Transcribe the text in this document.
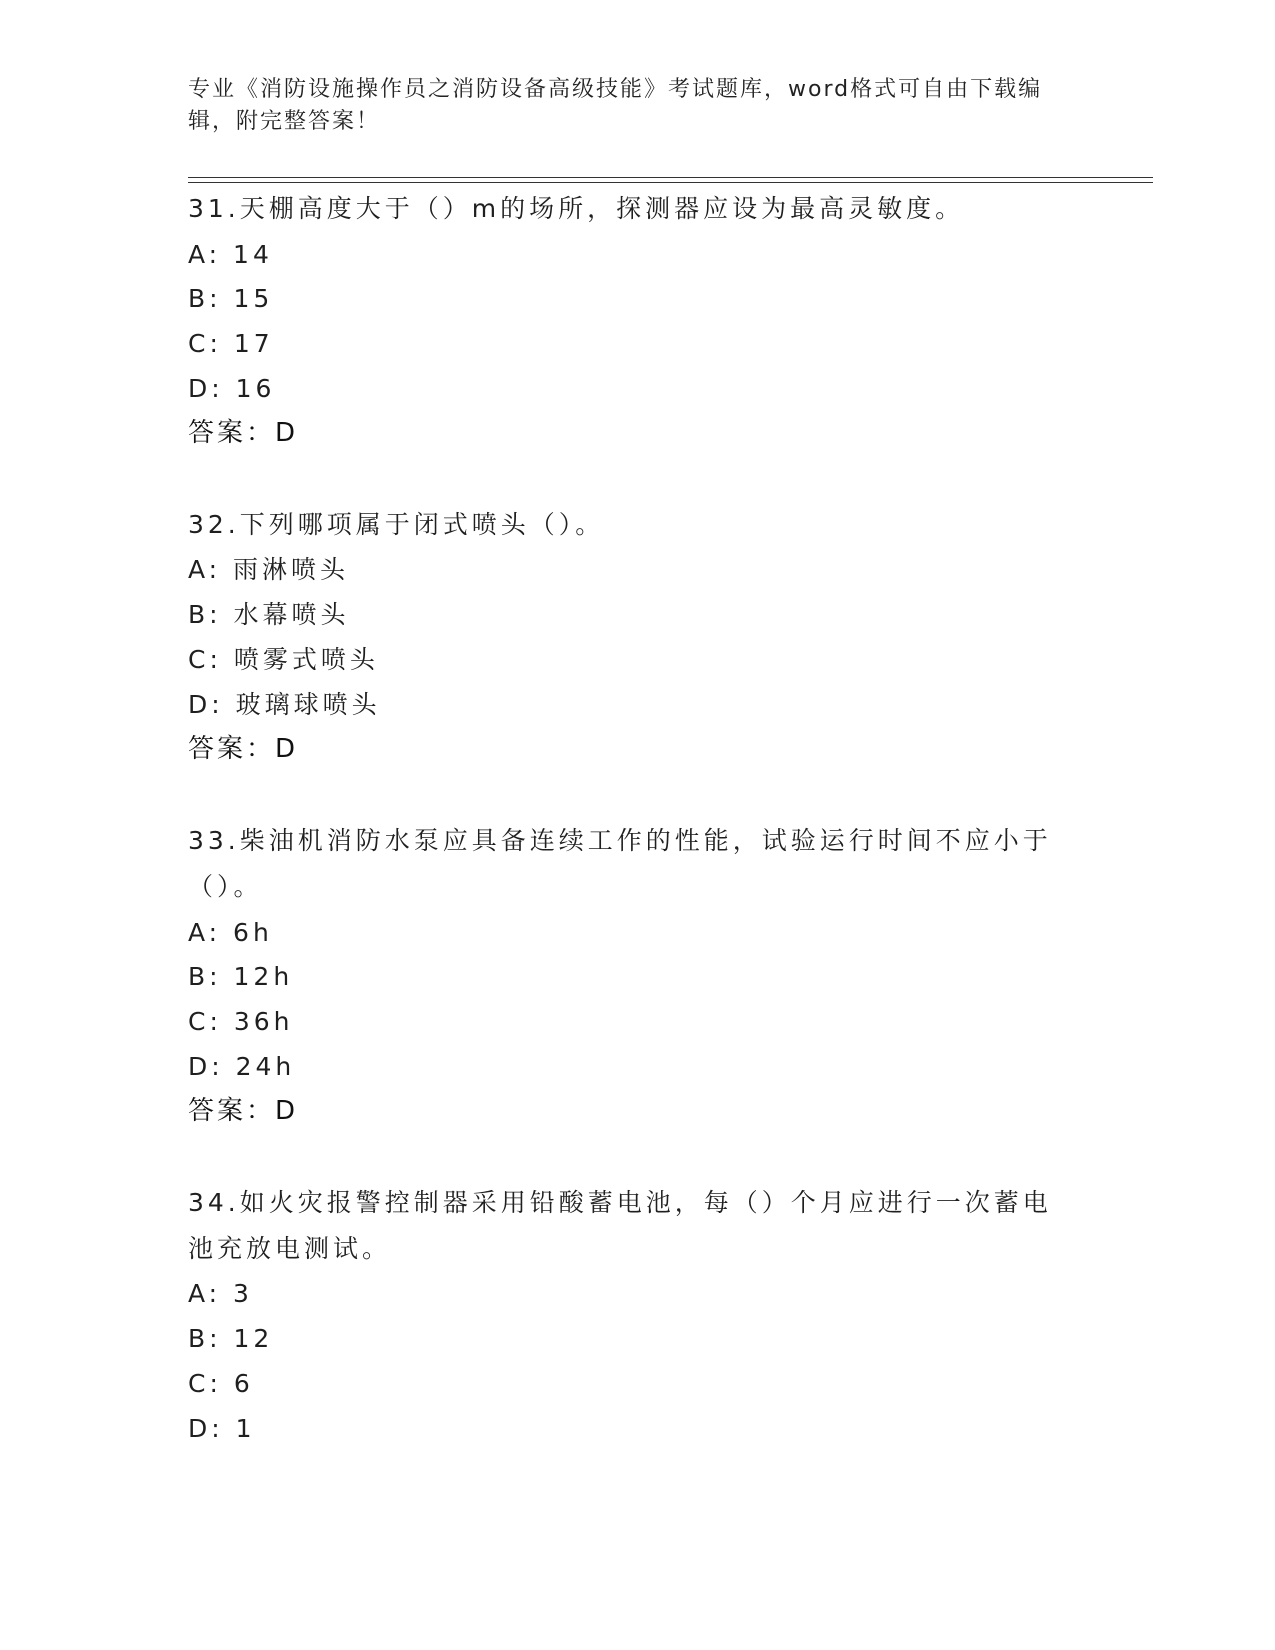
专业《消防设施操作员之消防设备高级技能》考试题库，word格式可自由下载编辑，附完整答案！
31.天棚高度大于（）m的场所，探测器应设为最高灵敏度。
A: 14
B: 15
C: 17
D: 16
答案：D
32.下列哪项属于闭式喷头（）。
A: 雨淋喷头
B: 水幕喷头
C: 喷雾式喷头
D: 玻璃球喷头
答案：D
33.柴油机消防水泵应具备连续工作的性能，试验运行时间不应小于（）。
A: 6h
B: 12h
C: 36h
D: 24h
答案：D
34.如火灾报警控制器采用铅酸蓄电池，每（）个月应进行一次蓄电池充放电测试。
A: 3
B: 12
C: 6
D: 1
